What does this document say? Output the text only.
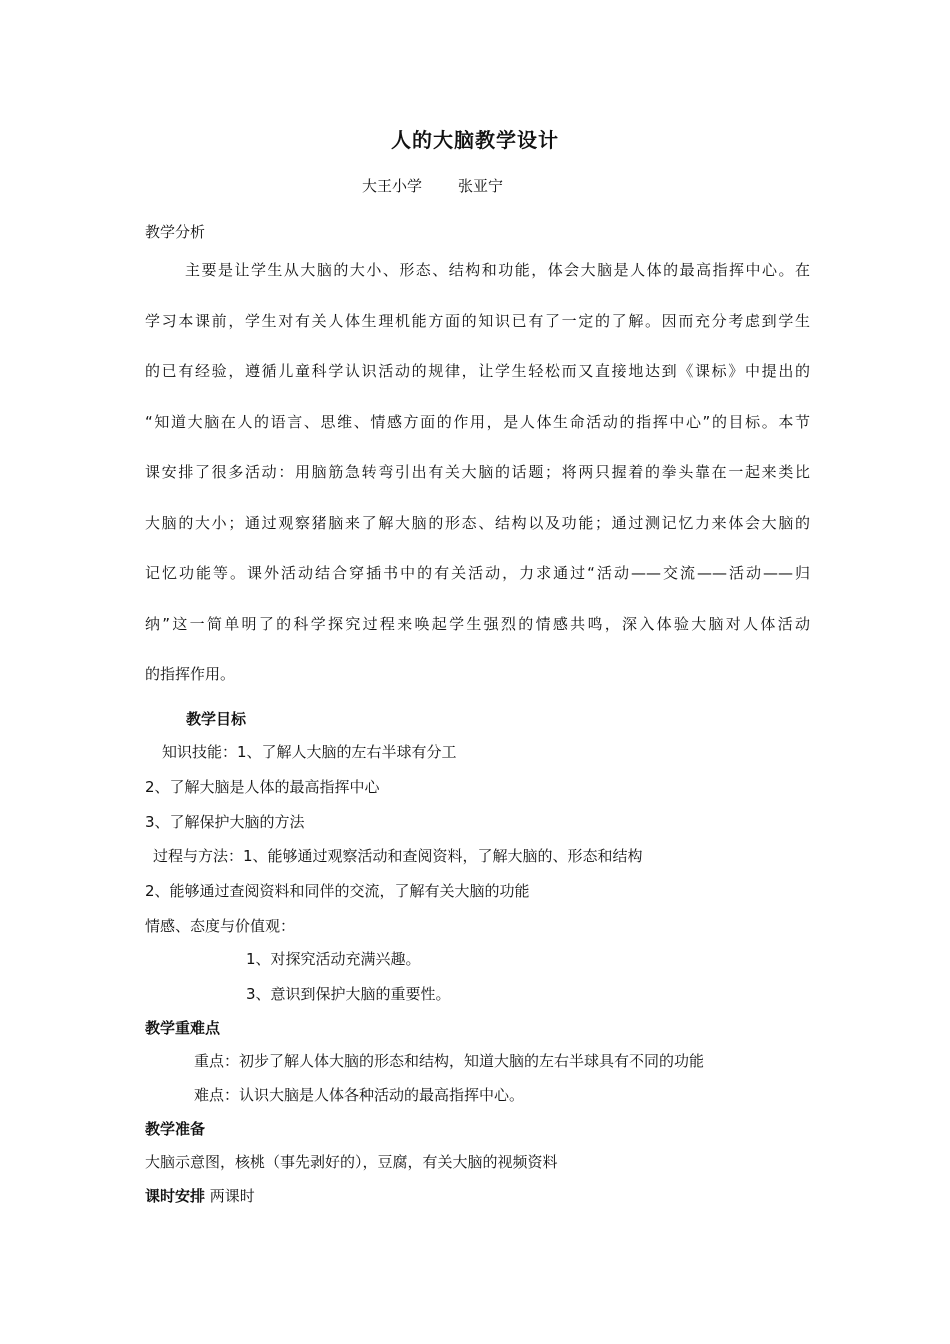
人的大脑教学设计
大王小学 张亚宁
教学分析
主要是让学生从大脑的大小、形态、结构和功能，体会大脑是人体的最高指挥中心。在
学习本课前，学生对有关人体生理机能方面的知识已有了一定的了解。因而充分考虑到学生
的已有经验，遵循儿童科学认识活动的规律，让学生轻松而又直接地达到《课标》中提出的
“知道大脑在人的语言、思维、情感方面的作用，是人体生命活动的指挥中心”的目标。本节
课安排了很多活动：用脑筋急转弯引出有关大脑的话题；将两只握着的拳头靠在一起来类比
大脑的大小；通过观察猪脑来了解大脑的形态、结构以及功能；通过测记忆力来体会大脑的
记忆功能等。课外活动结合穿插书中的有关活动，力求通过“活动——交流——活动——归
纳”这一简单明了的科学探究过程来唤起学生强烈的情感共鸣，深入体验大脑对人体活动
的指挥作用。
教学目标
知识技能：1、了解人大脑的左右半球有分工
2、了解大脑是人体的最高指挥中心
3、了解保护大脑的方法
过程与方法：1、能够通过观察活动和查阅资料，了解大脑的、形态和结构
2、能够通过查阅资料和同伴的交流，了解有关大脑的功能
情感、态度与价值观：
1、对探究活动充满兴趣。
3、意识到保护大脑的重要性。
教学重难点
重点：初步了解人体大脑的形态和结构，知道大脑的左右半球具有不同的功能
难点：认识大脑是人体各种活动的最高指挥中心。
教学准备
大脑示意图，核桃（事先剥好的），豆腐，有关大脑的视频资料
课时安排 两课时
